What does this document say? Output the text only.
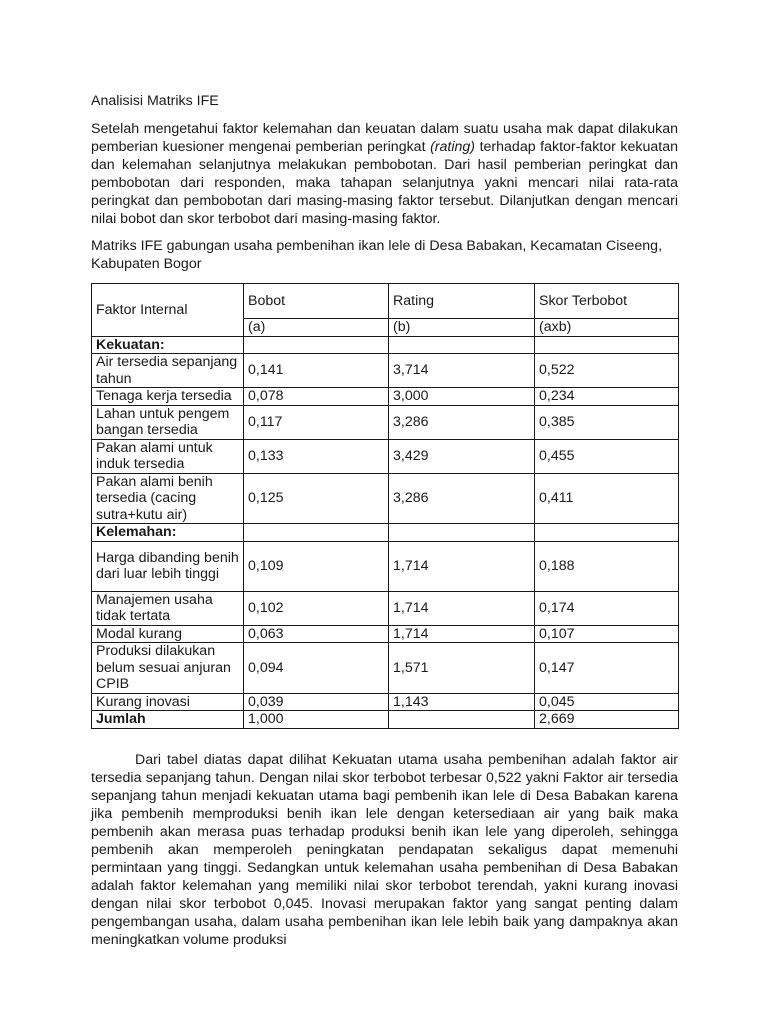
Analisisi Matriks IFE

Setelah mengetahui faktor kelemahan dan keuatan dalam suatu usaha mak dapat dilakukan pemberian kuesioner mengenai pemberian peringkat (rating) terhadap faktor-faktor kekuatan dan kelemahan selanjutnya melakukan pembobotan. Dari hasil pemberian peringkat dan pembobotan dari responden, maka tahapan selanjutnya yakni mencari nilai rata-rata peringkat dan pembobotan dari masing-masing faktor tersebut. Dilanjutkan dengan mencari nilai bobot dan skor terbobot dari masing-masing faktor.

Matriks IFE gabungan usaha pembenihan ikan lele di Desa Babakan, Kecamatan Ciseeng, Kabupaten Bogor

Faktor Internal	Bobot	Rating	Skor Terbobot
	(a)	(b)	(axb)
Kekuatan:			
Air tersedia sepanjang tahun	0,141	3,714	0,522
Tenaga kerja tersedia	0,078	3,000	0,234
Lahan untuk pengem bangan tersedia	0,117	3,286	0,385
Pakan alami untuk induk tersedia	0,133	3,429	0,455
Pakan alami benih tersedia (cacing sutra+kutu air)	0,125	3,286	0,411
Kelemahan:			
Harga dibanding benih dari luar lebih tinggi	0,109	1,714	0,188
Manajemen usaha tidak tertata	0,102	1,714	0,174
Modal kurang	0,063	1,714	0,107
Produksi dilakukan belum sesuai anjuran CPIB	0,094	1,571	0,147
Kurang inovasi	0,039	1,143	0,045
Jumlah	1,000		2,669

Dari tabel diatas dapat dilihat Kekuatan utama usaha pembenihan adalah faktor air tersedia sepanjang tahun. Dengan nilai skor terbobot terbesar 0,522 yakni Faktor air tersedia sepanjang tahun menjadi kekuatan utama bagi pembenih ikan lele di Desa Babakan karena jika pembenih memproduksi benih ikan lele dengan ketersediaan air yang baik maka pembenih akan merasa puas terhadap produksi benih ikan lele yang diperoleh, sehingga pembenih akan memperoleh peningkatan pendapatan sekaligus dapat memenuhi permintaan yang tinggi. Sedangkan untuk kelemahan usaha pembenihan di Desa Babakan adalah faktor kelemahan yang memiliki nilai skor terbobot terendah, yakni kurang inovasi dengan nilai skor terbobot 0,045. Inovasi merupakan faktor yang sangat penting dalam pengembangan usaha, dalam usaha pembenihan ikan lele lebih baik yang dampaknya akan meningkatkan volume produksi
